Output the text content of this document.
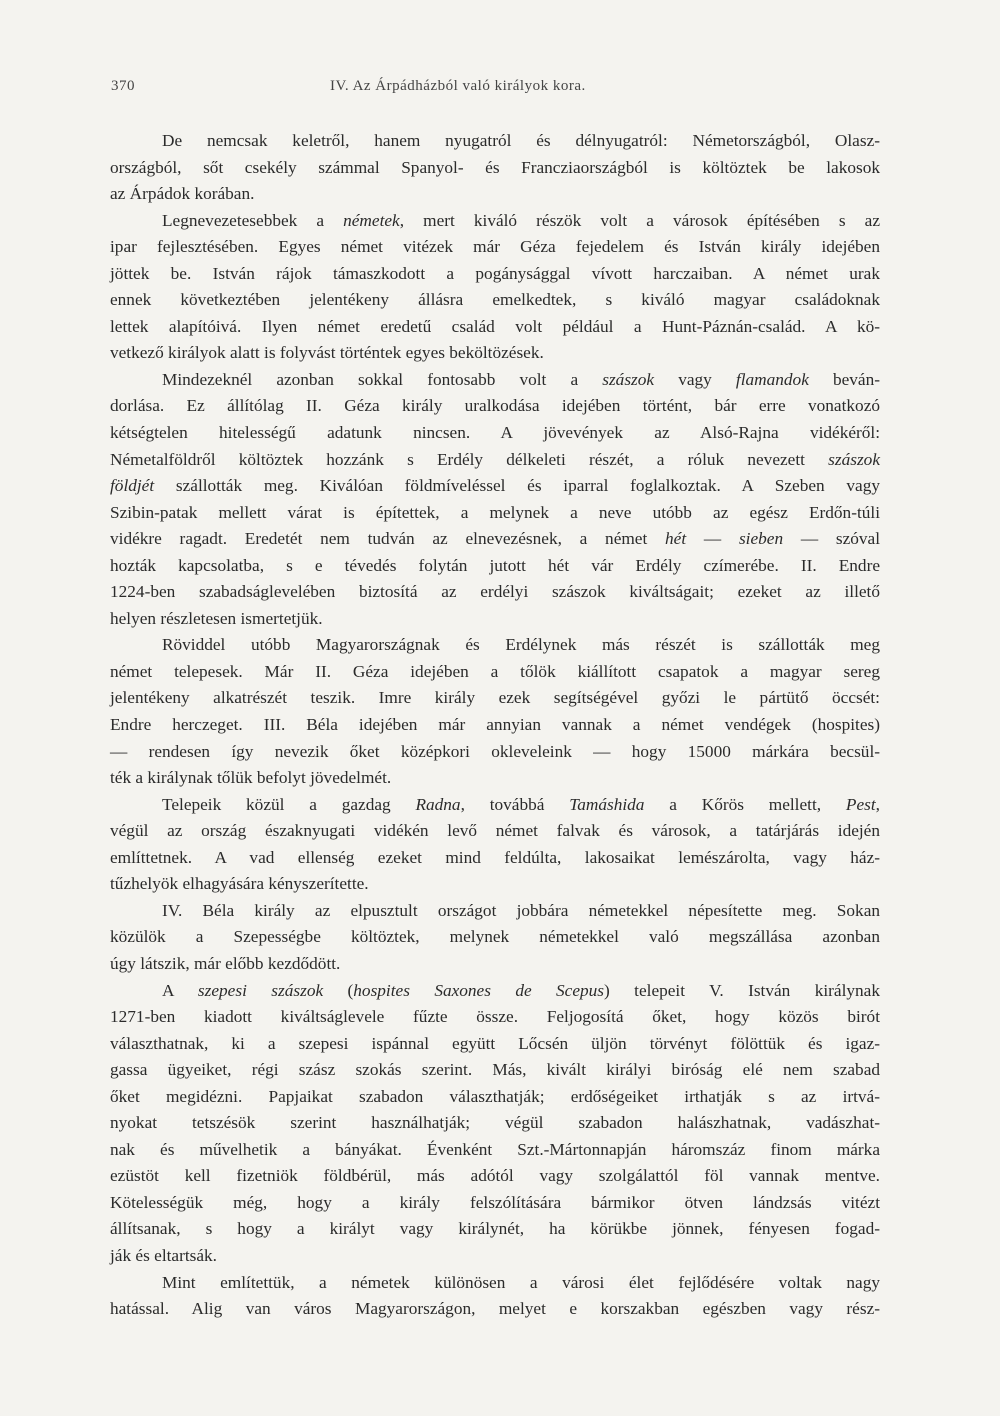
370	IV. Az Árpádházból való királyok kora.
De nemcsak keletről, hanem nyugatról és délnyugatról: Németországból, Olasz-
országból, sőt csekély számmal Spanyol- és Francziaországból is költöztek be lakosok
az Árpádok korában.
Legnevezetesebbek a németek, mert kiváló részök volt a városok építésében s az
ipar fejlesztésében. Egyes német vitézek már Géza fejedelem és István király idejében
jöttek be. István rájok támaszkodott a pogánysággal vívott harczaiban. A német urak
ennek következtében jelentékeny állásra emelkedtek, s kiváló magyar családoknak
lettek alapítóivá. Ilyen német eredetű család volt például a Hunt-Páznán-család. A kö-
vetkező királyok alatt is folyvást történtek egyes beköltözések.
Mindezeknél azonban sokkal fontosabb volt a szászok vagy flamandok beván-
dorlása. Ez állítólag II. Géza király uralkodása idejében történt, bár erre vonatkozó
kétségtelen hitelességű adatunk nincsen. A jövevények az Alsó-Rajna vidékéről:
Németalföldről költöztek hozzánk s Erdély délkeleti részét, a róluk nevezett szászok
földjét szállották meg. Kiválóan földmíveléssel és iparral foglalkoztak. A Szeben vagy
Szibin-patak mellett várat is építettek, a melynek a neve utóbb az egész Erdőn-túli
vidékre ragadt. Eredetét nem tudván az elnevezésnek, a német hét — sieben — szóval
hozták kapcsolatba, s e tévedés folytán jutott hét vár Erdély czímerébe. II. Endre
1224-ben szabadságlevelében biztosítá az erdélyi szászok kiváltságait; ezeket az illető
helyen részletesen ismertetjük.
Röviddel utóbb Magyarországnak és Erdélynek más részét is szállották meg
német telepesek. Már II. Géza idejében a tőlök kiállított csapatok a magyar sereg
jelentékeny alkatrészét teszik. Imre király ezek segítségével győzi le pártütő öccsét:
Endre herczeget. III. Béla idejében már annyian vannak a német vendégek (hospites)
— rendesen így nevezik őket középkori okleveleink — hogy 15000 márkára becsül-
ték a királynak tőlük befolyt jövedelmét.
Telepeik közül a gazdag Radna, továbbá Tamáshida a Kőrös mellett, Pest,
végül az ország északnyugati vidékén levő német falvak és városok, a tatárjárás idején
említtetnek. A vad ellenség ezeket mind feldúlta, lakosaikat lemészárolta, vagy ház-
tűzhelyök elhagyására kényszerítette.
IV. Béla király az elpusztult országot jobbára németekkel népesítette meg. Sokan
közülök a Szepességbe költöztek, melynek németekkel való megszállása azonban
úgy látszik, már előbb kezdődött.
A szepesi szászok (hospites Saxones de Scepus) telepeit V. István királynak
1271-ben kiadott kiváltságlevele fűzte össze. Feljogosítá őket, hogy közös birót
választhatnak, ki a szepesi ispánnal együtt Lőcsén üljön törvényt fölöttük és igaz-
gassa ügyeiket, régi szász szokás szerint. Más, kivált királyi biróság elé nem szabad
őket megidézni. Papjaikat szabadon választhatják; erdőségeiket irthatják s az irtvá-
nyokat tetszésök szerint használhatják; végül szabadon halászhatnak, vadászhat-
nak és művelhetik a bányákat. Évenként Szt.-Mártonnapján háromszáz finom márka
ezüstöt kell fizetniök földbérül, más adótól vagy szolgálattól föl vannak mentve.
Kötelességük még, hogy a király felszólítására bármikor ötven lándzsás vitézt
állítsanak, s hogy a királyt vagy királynét, ha körükbe jönnek, fényesen fogad-
ják és eltartsák.
Mint említettük, a németek különösen a városi élet fejlődésére voltak nagy
hatással. Alig van város Magyarországon, melyet e korszakban egészben vagy rész-
